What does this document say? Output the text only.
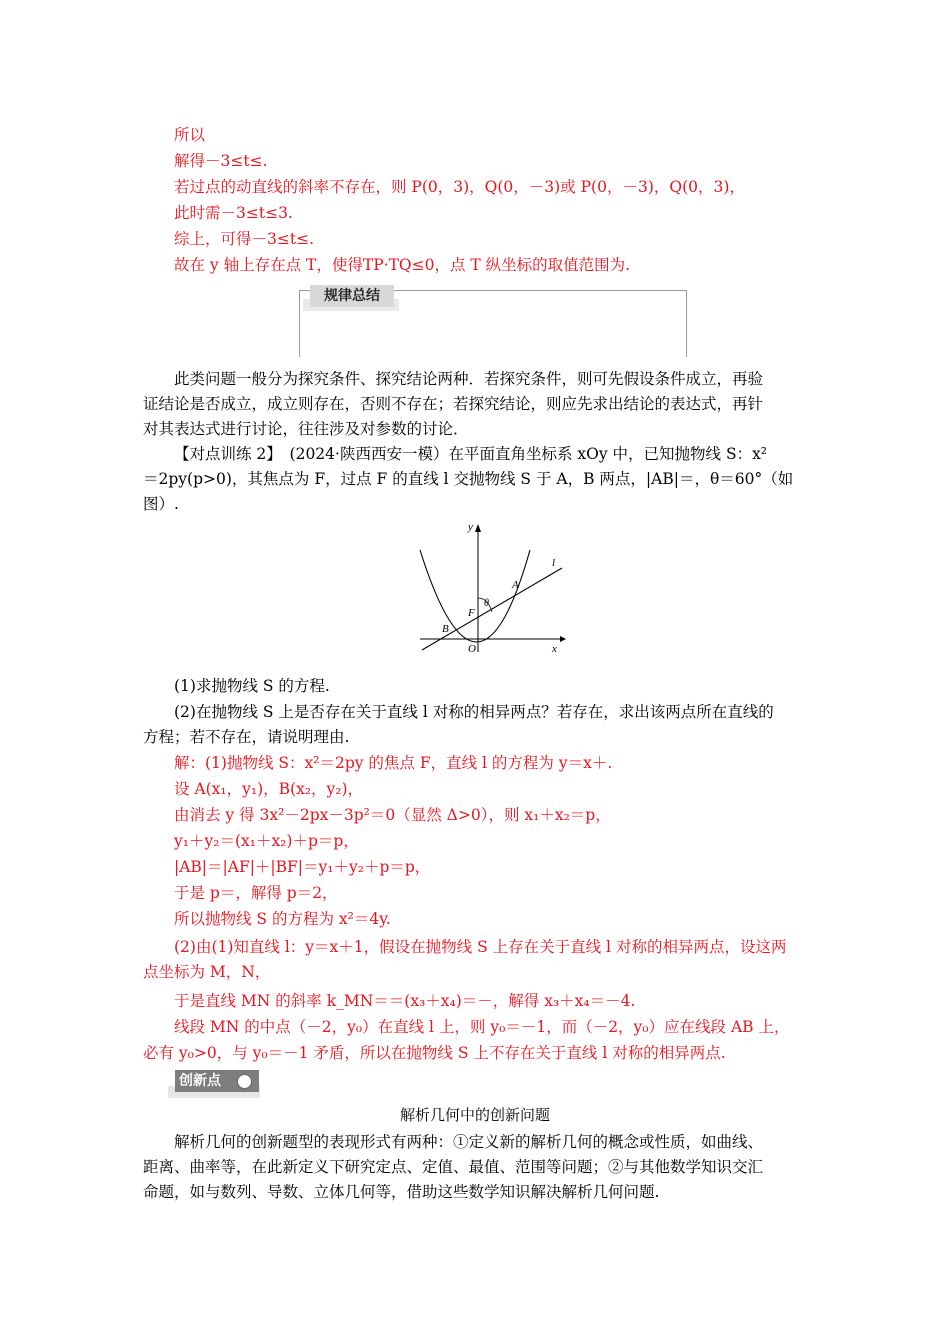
所以
解得－3≤t≤.
若过点的动直线的斜率不存在，则 P(0，3)，Q(0，－3)或 P(0，－3)，Q(0，3)，
此时需－3≤t≤3.
综上，可得－3≤t≤.
故在 y 轴上存在点 T，使得TP·TQ≤0，点 T 纵坐标的取值范围为.
规律总结
此类问题一般分为探究条件、探究结论两种．若探究条件，则可先假设条件成立，再验
证结论是否成立，成立则存在，否则不存在；若探究结论，则应先求出结论的表达式，再针
对其表达式进行讨论，往往涉及对参数的讨论．
【对点训练 2】　(2024·陕西西安一模）在平面直角坐标系 xOy 中，已知抛物线 S：x²
＝2py(p>0)，其焦点为 F，过点 F 的直线 l 交抛物线 S 于 A，B 两点，|AB|＝，θ＝60°（如
图）.
y
x
O
F
A
B
l
θ
(1)求抛物线 S 的方程.
(2)在抛物线 S 上是否存在关于直线 l 对称的相异两点？若存在，求出该两点所在直线的
方程；若不存在，请说明理由.
解：(1)抛物线 S：x²＝2py 的焦点 F，直线 l 的方程为 y＝x＋.
设 A(x₁，y₁)，B(x₂，y₂)，
由消去 y 得 3x²－2px－3p²＝0（显然 Δ>0），则 x₁＋x₂＝p，
y₁＋y₂＝(x₁＋x₂)＋p＝p，
|AB|＝|AF|＋|BF|＝y₁＋y₂＋p＝p，
于是 p＝，解得 p＝2，
所以抛物线 S 的方程为 x²＝4y.
(2)由(1)知直线 l：y＝x＋1，假设在抛物线 S 上存在关于直线 l 对称的相异两点，设这两
点坐标为 M，N，
于是直线 MN 的斜率 k_MN＝＝(x₃＋x₄)＝－，解得 x₃＋x₄＝－4.
线段 MN 的中点（－2，y₀）在直线 l 上，则 y₀＝－1，而（－2，y₀）应在线段 AB 上，
必有 y₀>0，与 y₀＝－1 矛盾，所以在抛物线 S 上不存在关于直线 l 对称的相异两点.
创新点
解析几何中的创新问题
解析几何的创新题型的表现形式有两种：①定义新的解析几何的概念或性质，如曲线、
距离、曲率等，在此新定义下研究定点、定值、最值、范围等问题；②与其他数学知识交汇
命题，如与数列、导数、立体几何等，借助这些数学知识解决解析几何问题.
